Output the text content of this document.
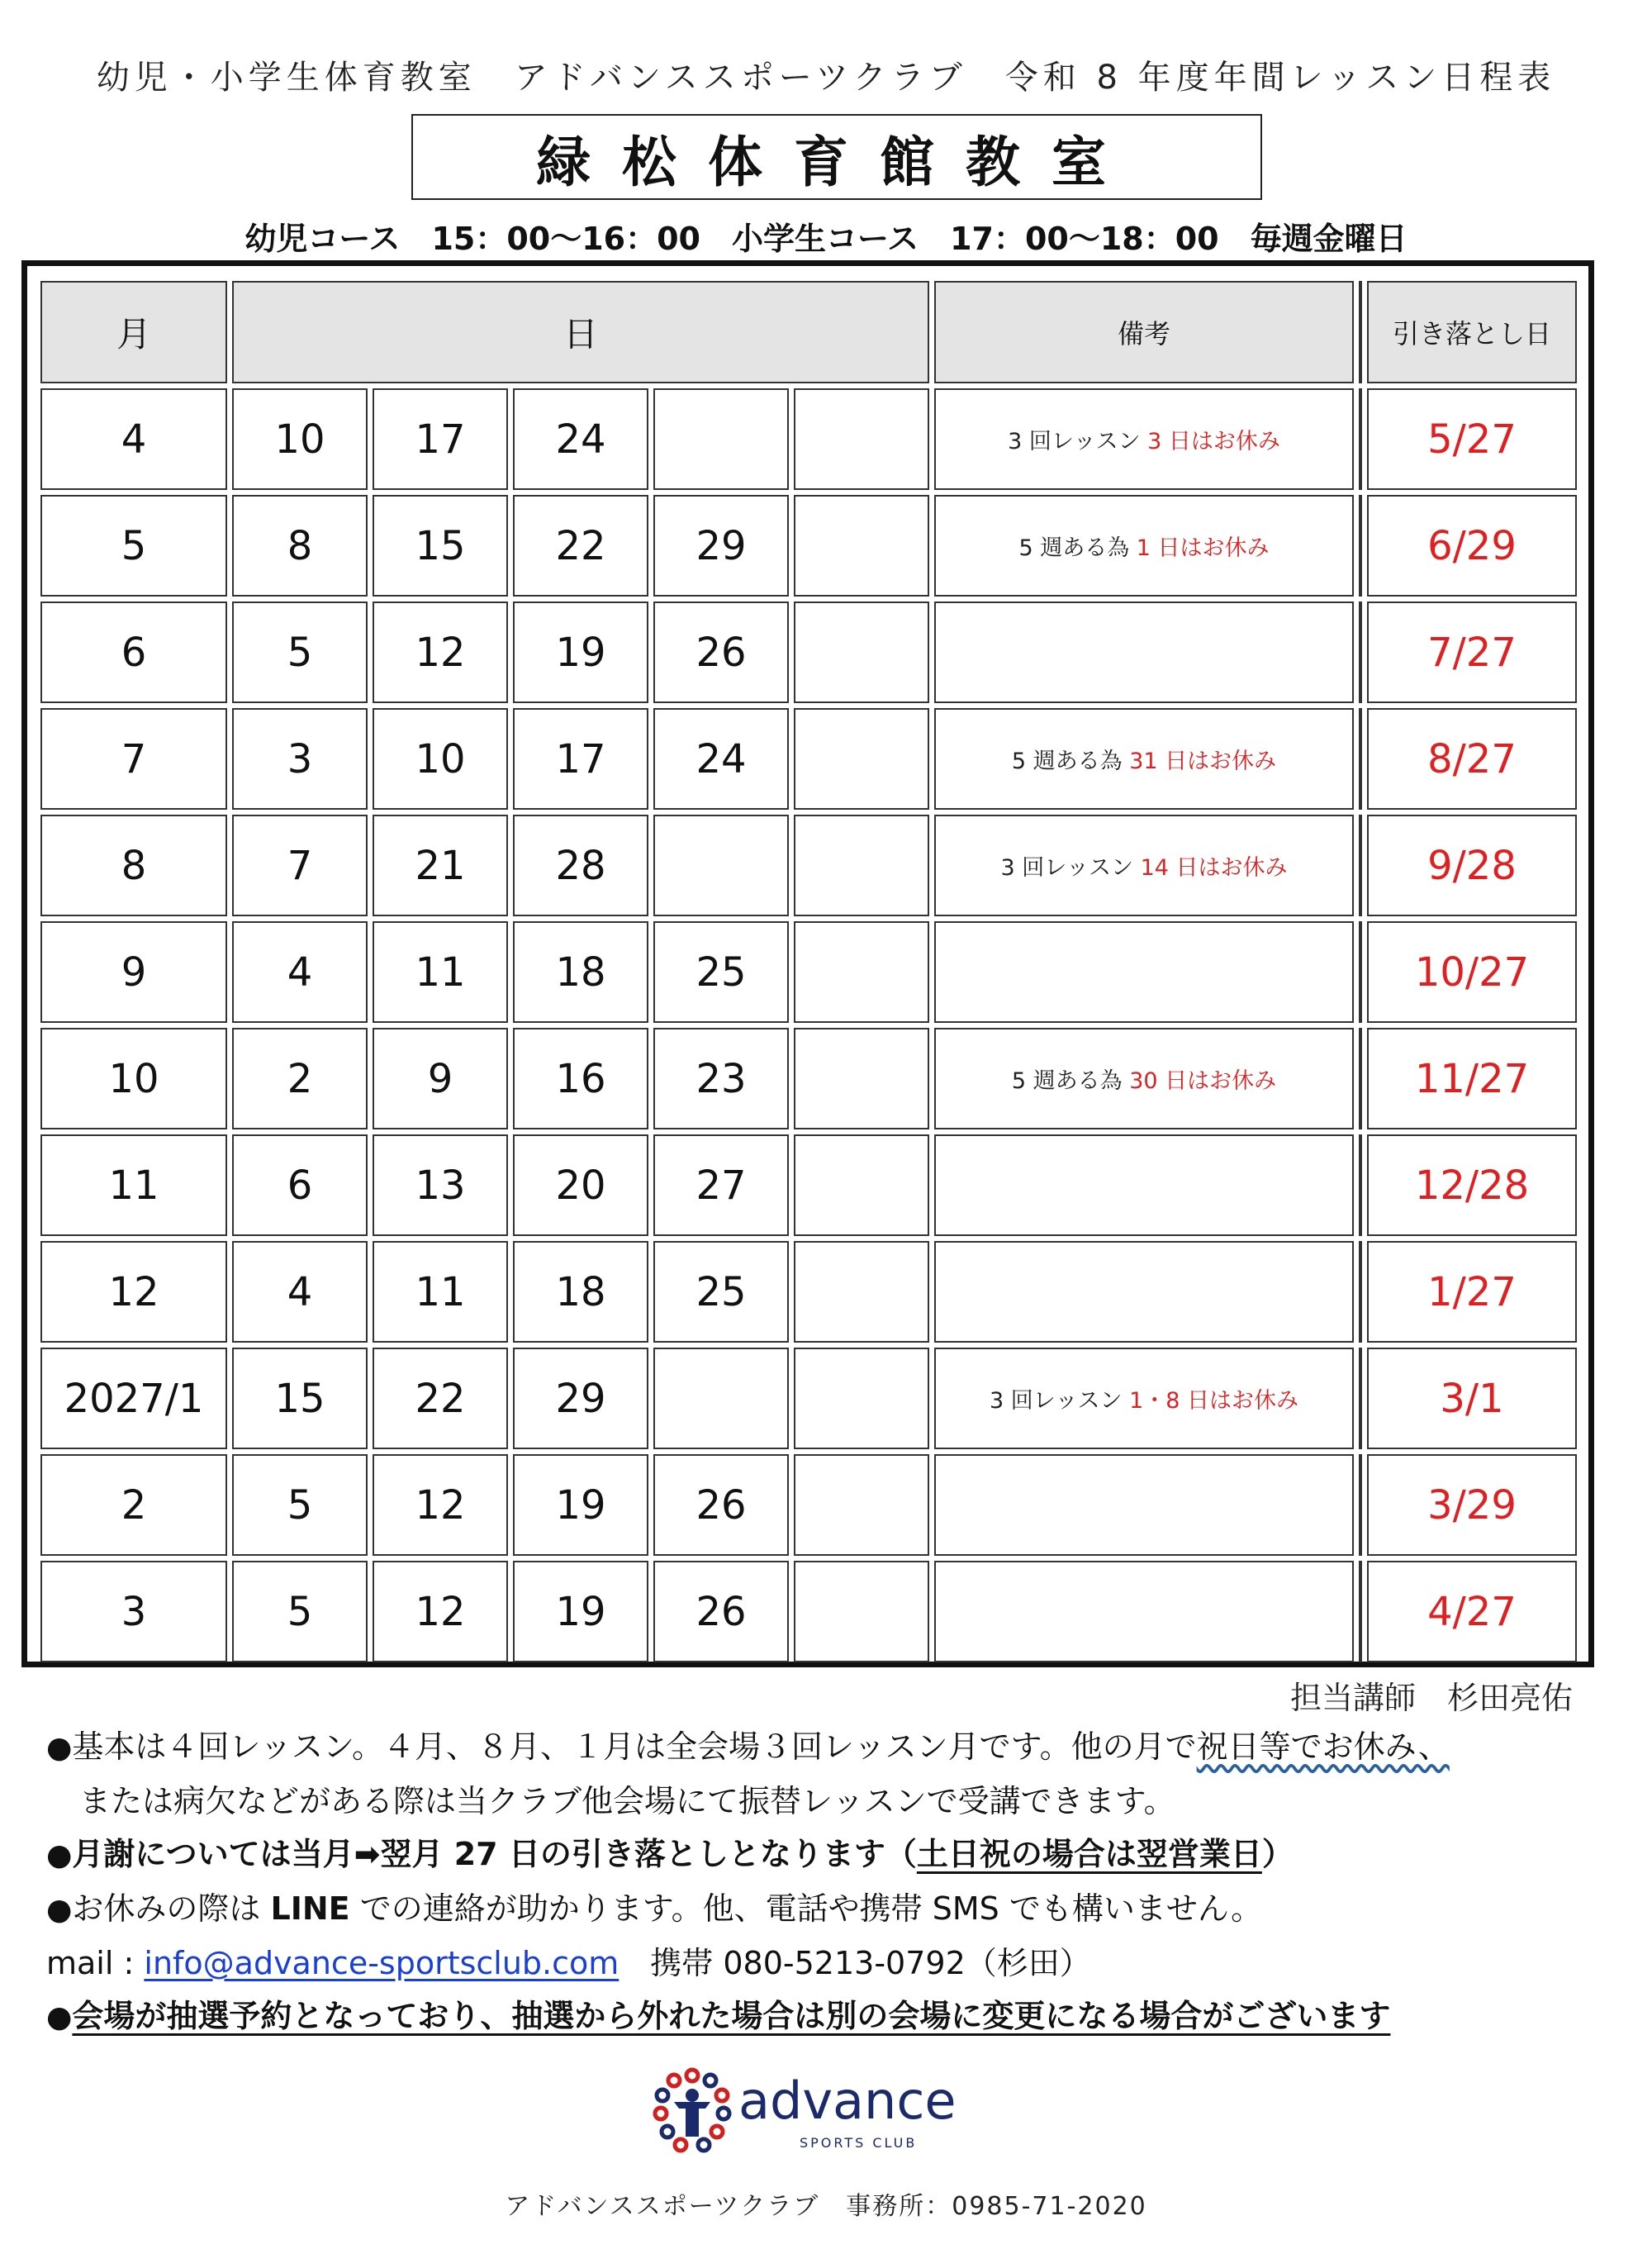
幼児・小学生体育教室　アドバンススポーツクラブ　令和 8 年度年間レッスン日程表
緑松体育館教室
幼児コース　15：00～16：00　小学生コース　17：00～18：00　毎週金曜日
月	日					備考		引き落とし日
4	10	17	24			3 回レッスン 3 日はお休み		5/27
5	8	15	22	29		5 週ある為 1 日はお休み		6/29
6	5	12	19	26				7/27
7	3	10	17	24		5 週ある為 31 日はお休み		8/27
8	7	21	28			3 回レッスン 14 日はお休み		9/28
9	4	11	18	25				10/27
10	2	9	16	23		5 週ある為 30 日はお休み		11/27
11	6	13	20	27				12/28
12	4	11	18	25				1/27
2027/1	15	22	29			3 回レッスン 1・8 日はお休み		3/1
2	5	12	19	26				3/29
3	5	12	19	26				4/27
担当講師　杉田亮佑

●基本は４回レッスン。４月、８月、１月は全会場３回レッスン月です。他の月で祝日等でお休み、

または病欠などがある際は当クラブ他会場にて振替レッスンで受講できます。

●月謝については当月➡翌月 27 日の引き落としとなります（土日祝の場合は翌営業日）

●お休みの際は LINE での連絡が助かります。他、電話や携帯 SMS でも構いません。

mail : info@advance-sportsclub.com　携帯 080-5213-0792（杉田）

●会場が抽選予約となっており、抽選から外れた場合は別の会場に変更になる場合がございます

advance
SPORTS CLUB
アドバンススポーツクラブ　事務所：0985-71-2020
